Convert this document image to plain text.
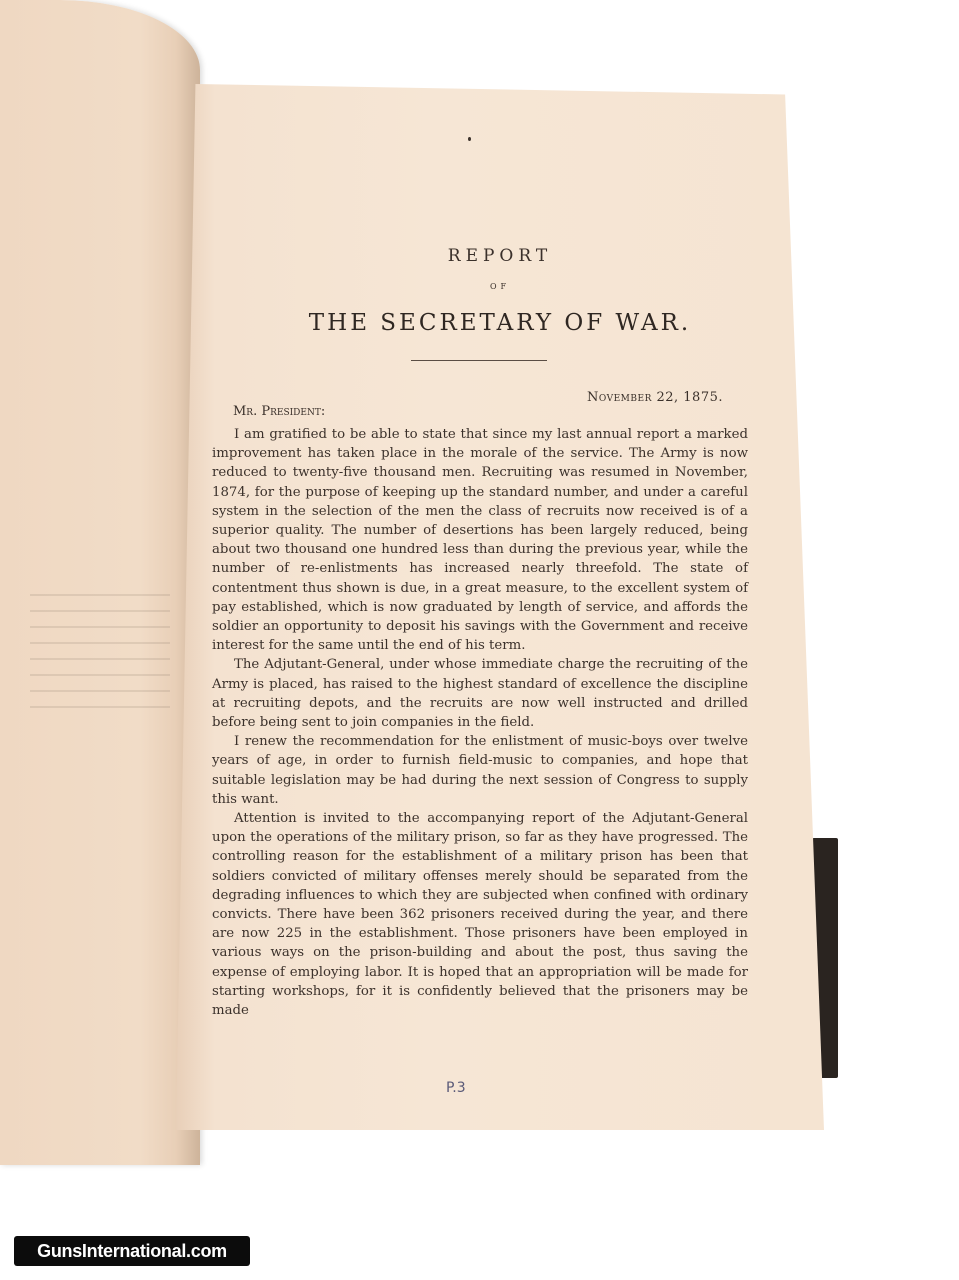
REPORT
OF
THE SECRETARY OF WAR.
November 22, 1875.
Mr. President:

I am gratified to be able to state that since my last annual report a marked improvement has taken place in the morale of the service. The Army is now reduced to twenty-five thousand men. Recruiting was resumed in November, 1874, for the purpose of keeping up the standard number, and under a careful system in the selection of the men the class of recruits now received is of a superior quality. The number of desertions has been largely reduced, being about two thousand one hundred less than during the previous year, while the number of re-enlistments has increased nearly threefold. The state of contentment thus shown is due, in a great measure, to the excellent system of pay established, which is now graduated by length of service, and affords the soldier an opportunity to deposit his savings with the Government and receive interest for the same until the end of his term.

The Adjutant-General, under whose immediate charge the recruiting of the Army is placed, has raised to the highest standard of excellence the discipline at recruiting depots, and the recruits are now well instructed and drilled before being sent to join companies in the field.

I renew the recommendation for the enlistment of music-boys over twelve years of age, in order to furnish field-music to companies, and hope that suitable legislation may be had during the next session of Congress to supply this want.

Attention is invited to the accompanying report of the Adjutant-General upon the operations of the military prison, so far as they have progressed. The controlling reason for the establishment of a military prison has been that soldiers convicted of military offenses merely should be separated from the degrading influences to which they are subjected when confined with ordinary convicts. There have been 362 prisoners received during the year, and there are now 225 in the establishment. Those prisoners have been employed in various ways on the prison-building and about the post, thus saving the expense of employing labor. It is hoped that an appropriation will be made for starting workshops, for it is confidently believed that the prisoners may be made

P.3
GunsInternational.com
